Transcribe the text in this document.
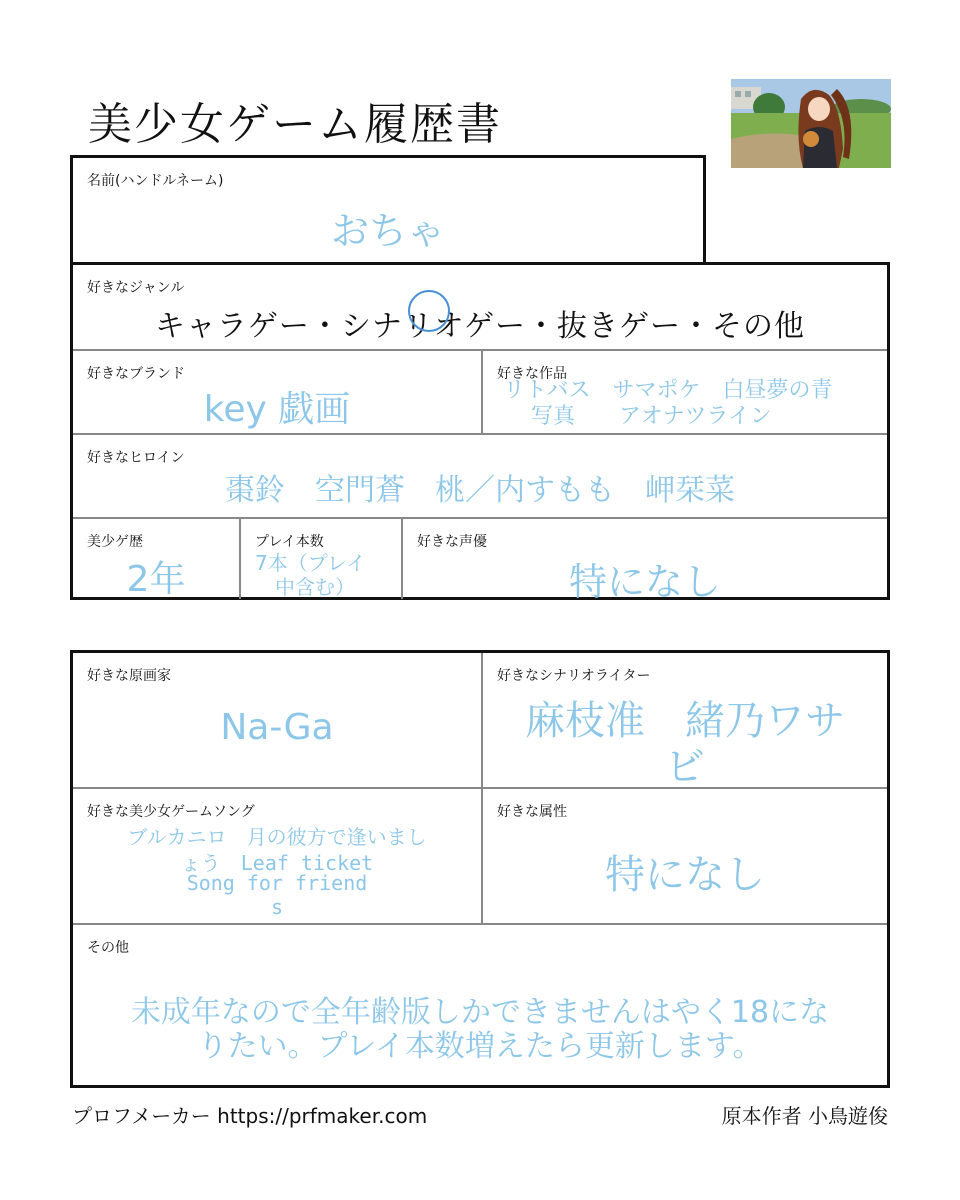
美少女ゲーム履歴書
名前(ハンドルネーム)
おちゃ
好きなジャンル
キャラゲー・シナリオゲー・抜きゲー・その他
好きなブランド
key 戯画
好きな作品
リトバス　サマポケ　白昼夢の青
写真　　アオナツライン
好きなヒロイン
棗鈴　空門蒼　桃／内すもも　岬栞菜
美少ゲ歴
2年
プレイ本数
7本（プレイ
中含む）
好きな声優
特になし
好きな原画家
Na-Ga
好きなシナリオライター
麻枝准　緒乃ワサ
ビ
好きな美少女ゲームソング
ブルカニロ　月の彼方で逢いまし
ょう　Leaf ticket
Song for friend
s
好きな属性
特になし
その他
未成年なので全年齢版しかできませんはやく18にな
りたい。プレイ本数増えたら更新します。
プロフメーカー https://prfmaker.com	原本作者 小鳥遊俊
